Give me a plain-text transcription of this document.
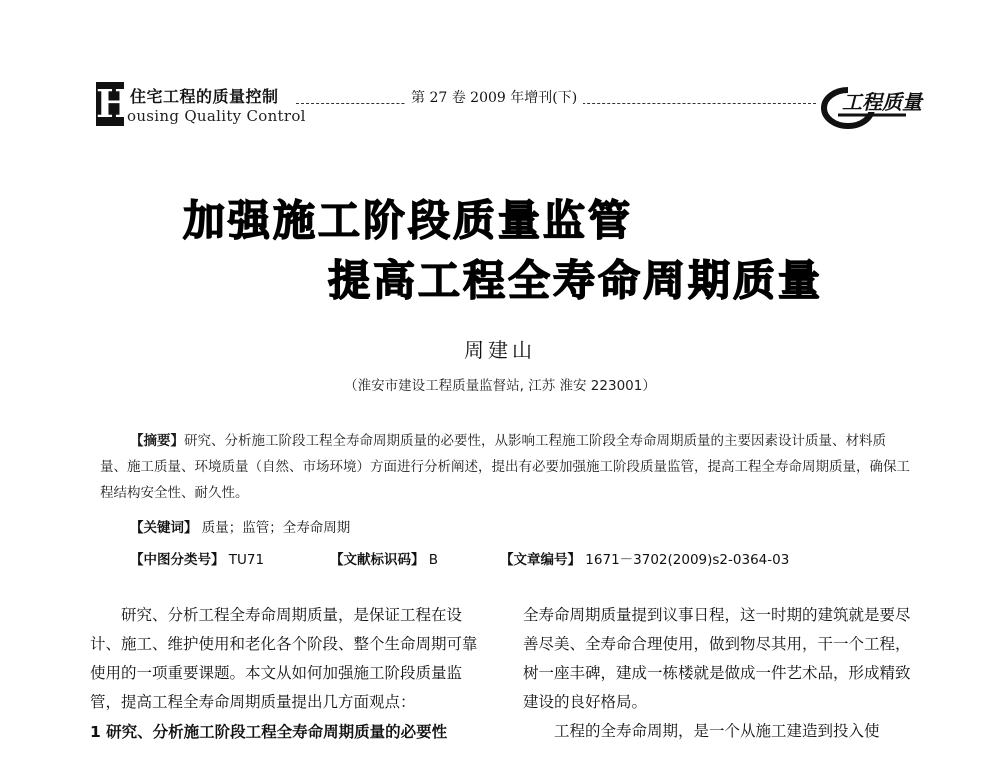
H
住宅工程的质量控制
ousing Quality Control
第 27 卷 2009 年增刊(下)	工程质量
加强施工阶段质量监管
提高工程全寿命周期质量
周建山
（淮安市建设工程质量监督站, 江苏 淮安 223001）
【摘要】研究、分析施工阶段工程全寿命周期质量的必要性，从影响工程施工阶段全寿命周期质量的主要因素设计质量、材料质量、施工质量、环境质量（自然、市场环境）方面进行分析阐述，提出有必要加强施工阶段质量监管，提高工程全寿命周期质量，确保工程结构安全性、耐久性。
【关键词】 质量；监管；全寿命周期
【中图分类号】 TU71	【文献标识码】 B	【文章编号】 1671－3702(2009)s2-0364-03

研究、分析工程全寿命周期质量，是保证工程在设计、施工、维护使用和老化各个阶段、整个生命周期可靠使用的一项重要课题。本文从如何加强施工阶段质量监管，提高工程全寿命周期质量提出几方面观点：

1 研究、分析施工阶段工程全寿命周期质量的必要性

全寿命周期质量提到议事日程，这一时期的建筑就是要尽善尽美、全寿命合理使用，做到物尽其用，干一个工程，树一座丰碑，建成一栋楼就是做成一件艺术品，形成精致建设的良好格局。

工程的全寿命周期，是一个从施工建造到投入使
